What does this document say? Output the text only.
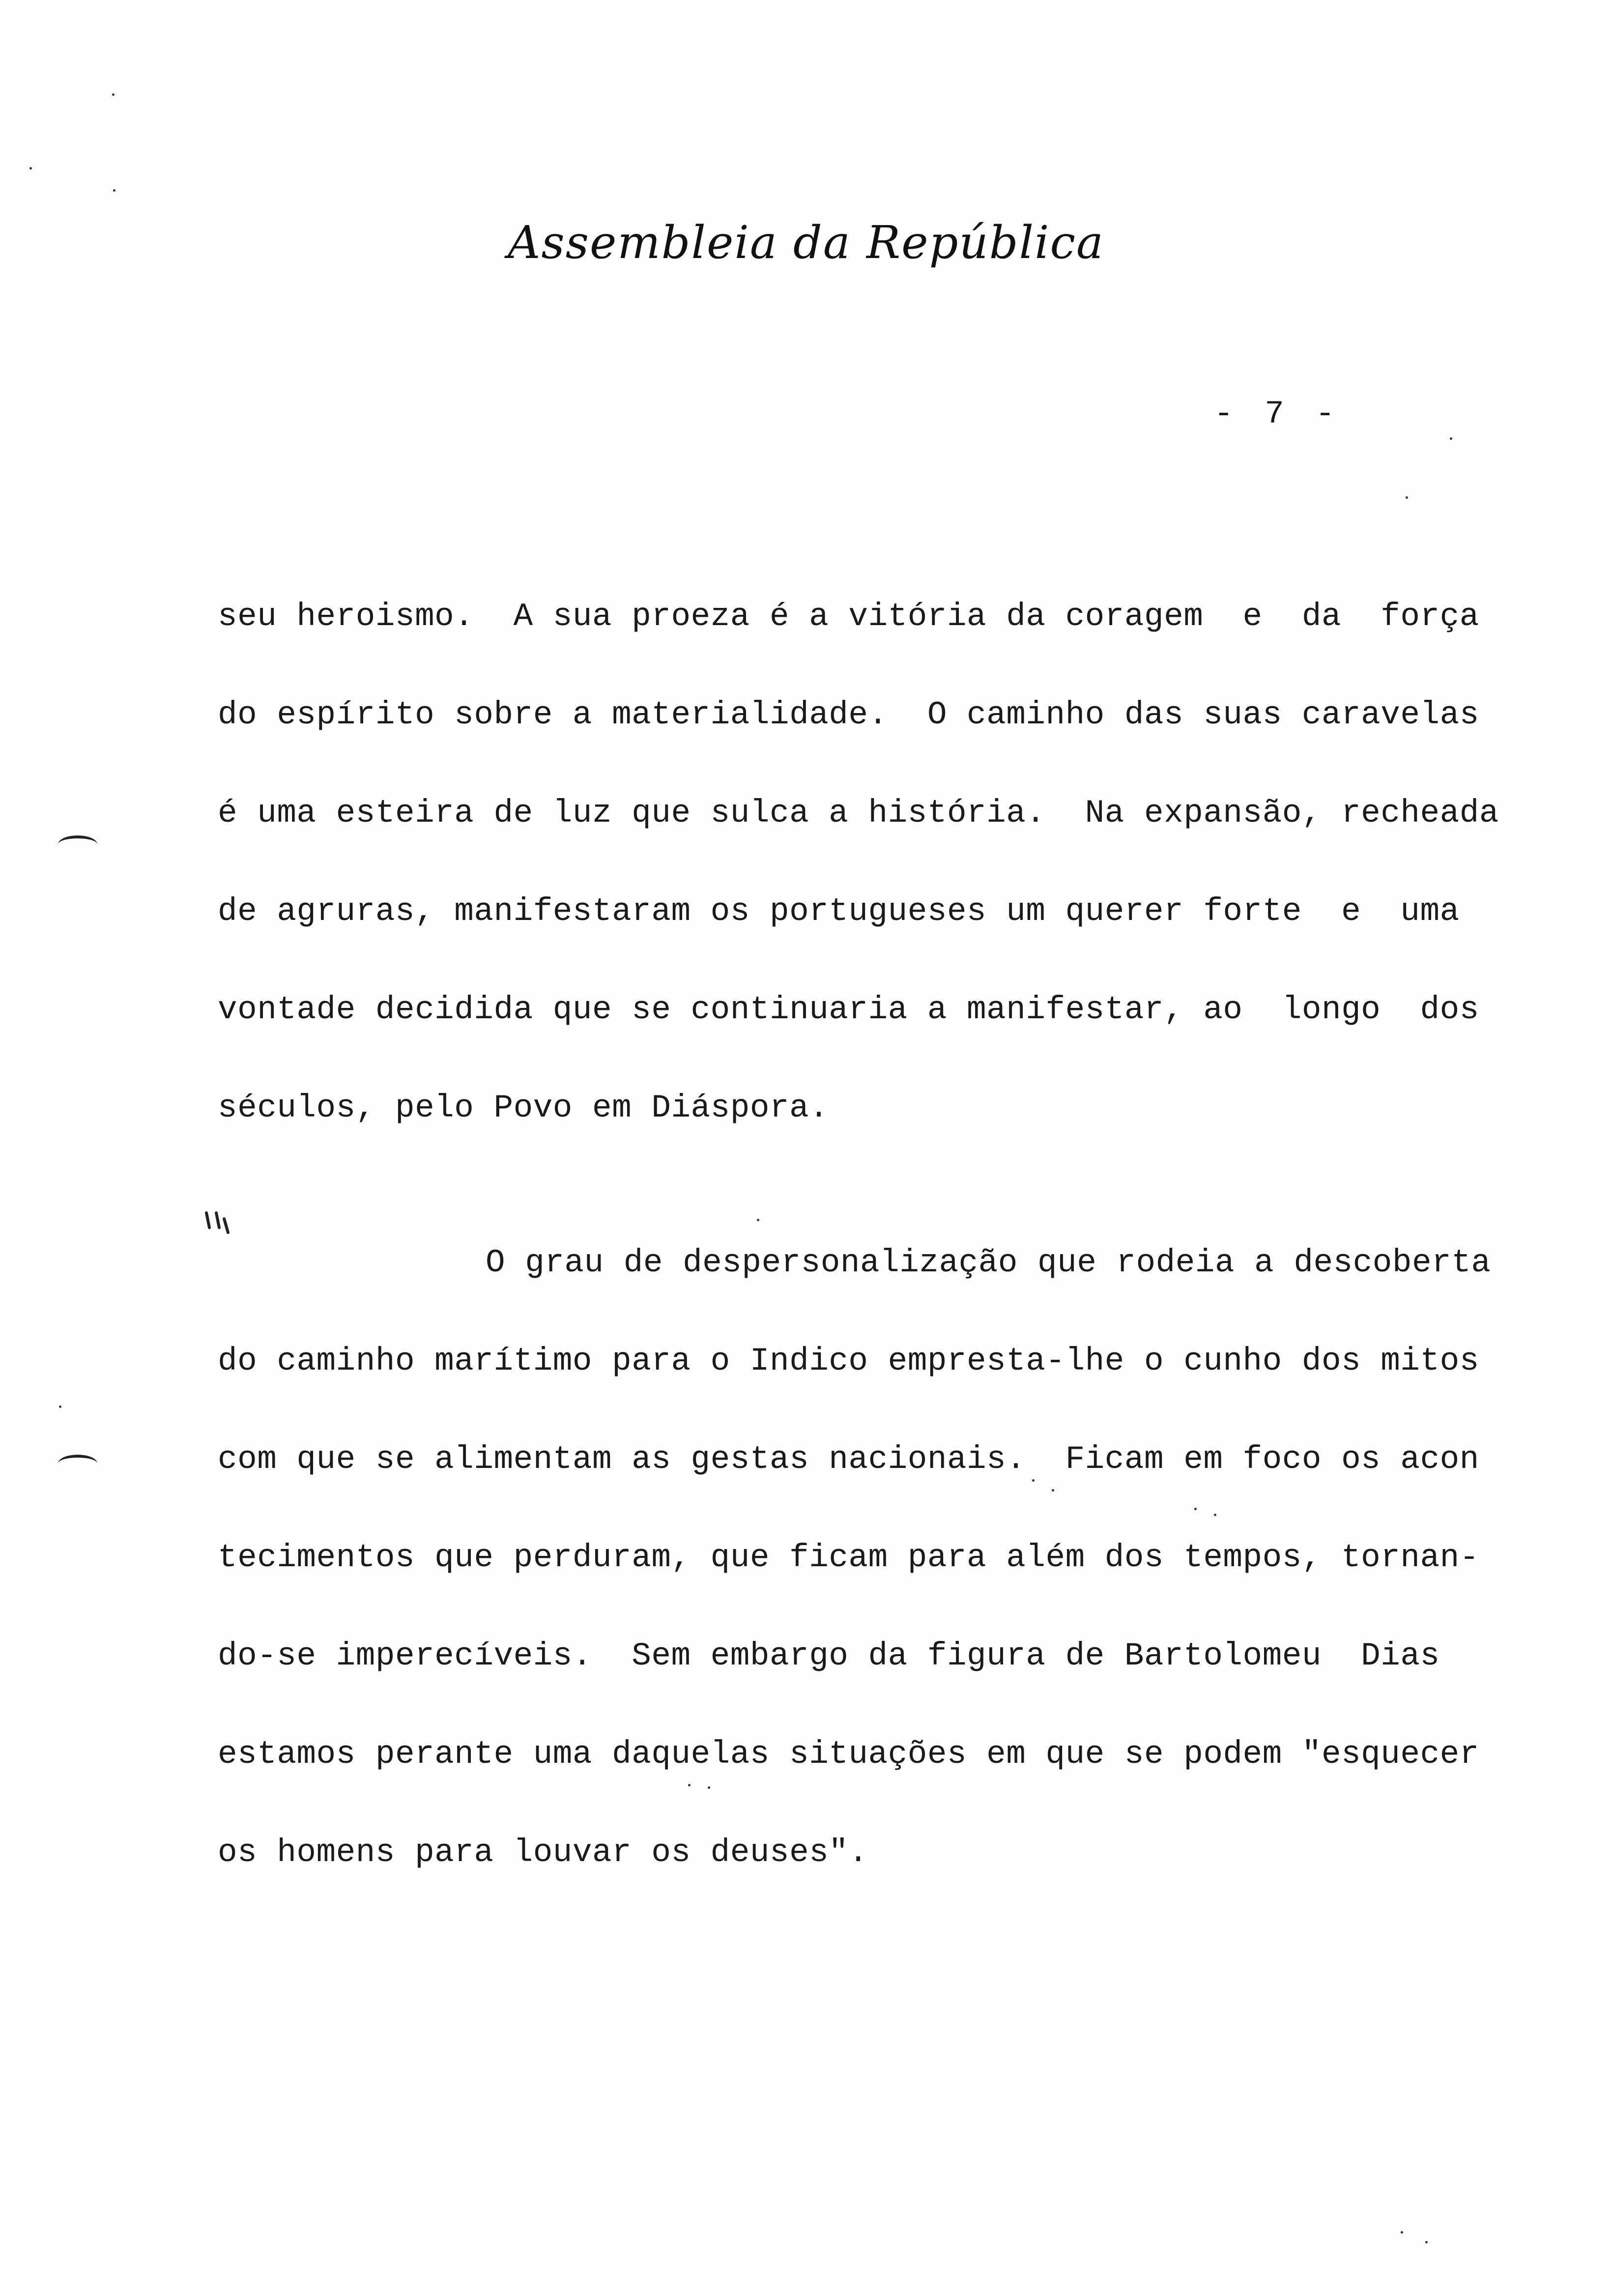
Assembleia da República
- 7 -
seu heroismo.  A sua proeza é a vitória da coragem  e  da  força
do espírito sobre a materialidade.  O caminho das suas caravelas
é uma esteira de luz que sulca a história.  Na expansão, recheada
de agruras, manifestaram os portugueses um querer forte  e  uma
vontade decidida que se continuaria a manifestar, ao  longo  dos
séculos, pelo Povo em Diáspora.
O grau de despersonalização que rodeia a descoberta
do caminho marítimo para o Indico empresta-lhe o cunho dos mitos
com que se alimentam as gestas nacionais.  Ficam em foco os acon
tecimentos que perduram, que ficam para além dos tempos, tornan-
do-se imperecíveis.  Sem embargo da figura de Bartolomeu  Dias
estamos perante uma daquelas situações em que se podem "esquecer
os homens para louvar os deuses".
